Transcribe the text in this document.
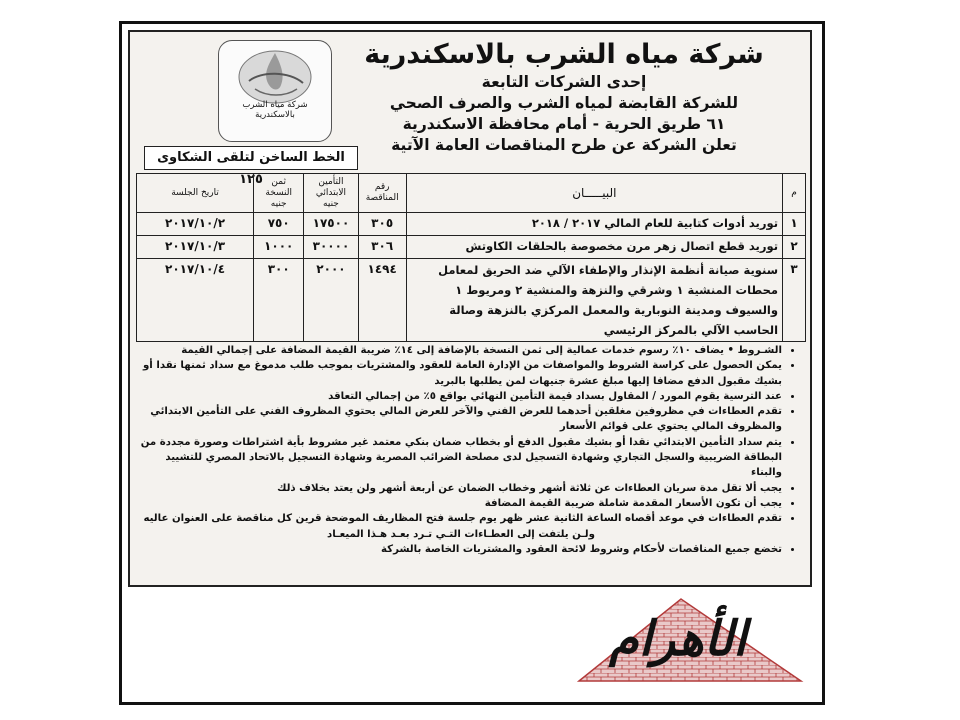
شركة مياه الشرب بالاسكندرية
شركة مياه الشرب بالاسكندرية
إحدى الشركات التابعة
للشركة القابضة لمياه الشرب والصرف الصحي
٦١ طريق الحرية - أمام محافظة الاسكندرية
تعلن الشركة عن طرح المناقصات العامة الآتية
الخط الساخن لتلقى الشكاوى ١٢٥
م	البيـــــان	رقم المناقصة	التأمين الابتدائي جنيه	ثمن النسخة جنيه	تاريخ الجلسة
١	توريد أدوات كتابية للعام المالي ٢٠١٧ / ٢٠١٨	٣٠٥	١٧٥٠٠	٧٥٠	٢٠١٧/١٠/٢
٢	توريد قطع اتصال زهر مرن مخصوصة بالحلقات الكاوتش	٣٠٦	٣٠٠٠٠	١٠٠٠	٢٠١٧/١٠/٣
٣	سنوية صيانة أنظمة الإنذار والإطفاء الآلي ضد الحريق لمعامل محطات المنشية ١ وشرقي والنزهة والمنشية ٢ ومريوط ١ والسيوف ومدينة النوبارية والمعمل المركزي بالنزهة وصالة الحاسب الآلي بالمركز الرئيسي	١٤٩٤	٢٠٠٠	٣٠٠	٢٠١٧/١٠/٤
• الشـروط • يضاف ١٠٪ رسوم خدمات عمالية إلى ثمن النسخة بالإضافة إلى ١٤٪ ضريبة القيمة المضافة على إجمالي القيمة
• يمكن الحصول على كراسة الشروط والمواصفات من الإدارة العامة للعقود والمشتريات بموجب طلب مدموغ مع سداد ثمنها نقدا أو بشيك مقبول الدفع مضافا إليها مبلغ عشرة جنيهات لمن يطلبها بالبريد
• عند الترسية يقوم المورد / المقاول بسداد قيمة التأمين النهائي بواقع ٥٪ من إجمالي التعاقد
• تقدم العطاءات في مظروفين مغلقين أحدهما للعرض الفني والآخر للعرض المالي يحتوي المظروف الفني على التأمين الابتدائي والمظروف المالي يحتوي على قوائم الأسعار
• يتم سداد التأمين الابتدائي نقدا أو بشيك مقبول الدفع أو بخطاب ضمان بنكي معتمد غير مشروط بأية اشتراطات وصورة مجددة من البطاقة الضريبية والسجل التجاري وشهادة التسجيل لدى مصلحة الضرائب المصرية وشهادة التسجيل بالاتحاد المصري للتشييد والبناء
• يجب ألا تقل مدة سريان العطاءات عن ثلاثة أشهر وخطاب الضمان عن أربعة أشهر ولن يعتد بخلاف ذلك
• يجب أن تكون الأسعار المقدمة شاملة ضريبة القيمة المضافة
• تقدم العطاءات في موعد أقصاه الساعة الثانية عشر ظهر يوم جلسة فتح المظاريف الموضحة قرين كل مناقصة على العنوان عاليه
ولـن يلتفت إلى العطـاءات التـي تـرد بعـد هـذا الميعـاد
• تخضع جميع المناقصات لأحكام وشروط لائحة العقود والمشتريات الخاصة بالشركة
الأهرام
